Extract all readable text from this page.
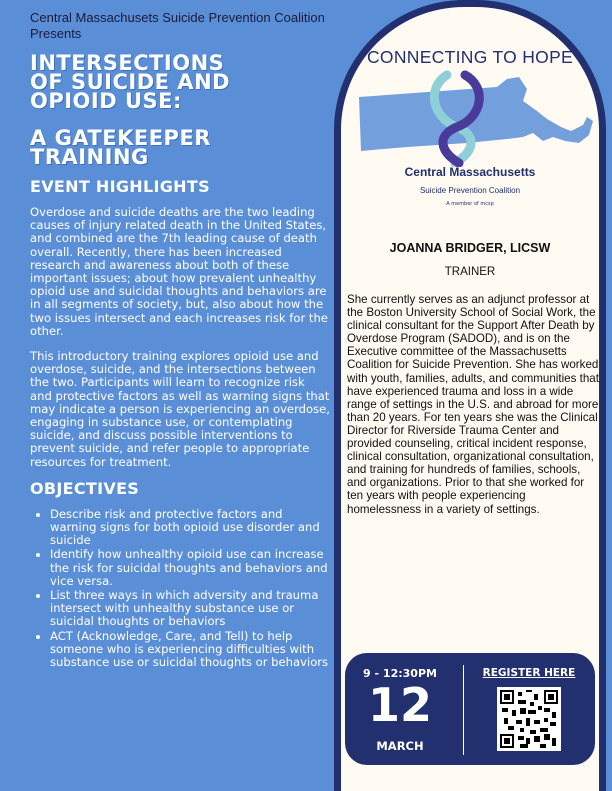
Central Massachusets Suicide Prevention Coalition Presents
INTERSECTIONS
OF SUICIDE AND
OPIOID USE:
A GATEKEEPER
TRAINING
EVENT HIGHLIGHTS

Overdose and suicide deaths are the two leading causes of injury related death in the United States, and combined are the 7th leading cause of death overall. Recently, there has been increased research and awareness about both of these important issues; about how prevalent unhealthy opioid use and suicidal thoughts and behaviors are in all segments of society, but, also about how the two issues intersect and each increases risk for the other.

This introductory training explores opioid use and overdose, suicide, and the intersections between the two. Participants will learn to recognize risk and protective factors as well as warning signs that may indicate a person is experiencing an overdose, engaging in substance use, or contemplating suicide, and discuss possible interventions to prevent suicide, and refer people to appropriate resources for treatment.

OBJECTIVES
• Describe risk and protective factors and warning signs for both opioid use disorder and suicide
• Identify how unhealthy opioid use can increase the risk for suicidal thoughts and behaviors and vice versa.
• List three ways in which adversity and trauma intersect with unhealthy substance use or suicidal thoughts or behaviors
• ACT (Acknowledge, Care, and Tell) to help someone who is experiencing difficulties with substance use or suicidal thoughts or behaviors
CONNECTING TO HOPE
Central Massachusetts
Suicide Prevention Coalition
A member of mcsp
JOANNA BRIDGER, LICSW
TRAINER

She currently serves as an adjunct professor at the Boston University School of Social Work, the clinical consultant for the Support After Death by Overdose Program (SADOD), and is on the Executive committee of the Massachusetts Coalition for Suicide Prevention. She has worked with youth, families, adults, and communities that have experienced trauma and loss in a wide range of settings in the U.S. and abroad for more than 20 years. For ten years she was the Clinical Director for Riverside Trauma Center and provided counseling, critical incident response, clinical consultation, organizational consultation, and training for hundreds of families, schools, and organizations. Prior to that she worked for ten years with people experiencing homelessness in a variety of settings.

9 - 12:30PM
12
MARCH
REGISTER HERE
